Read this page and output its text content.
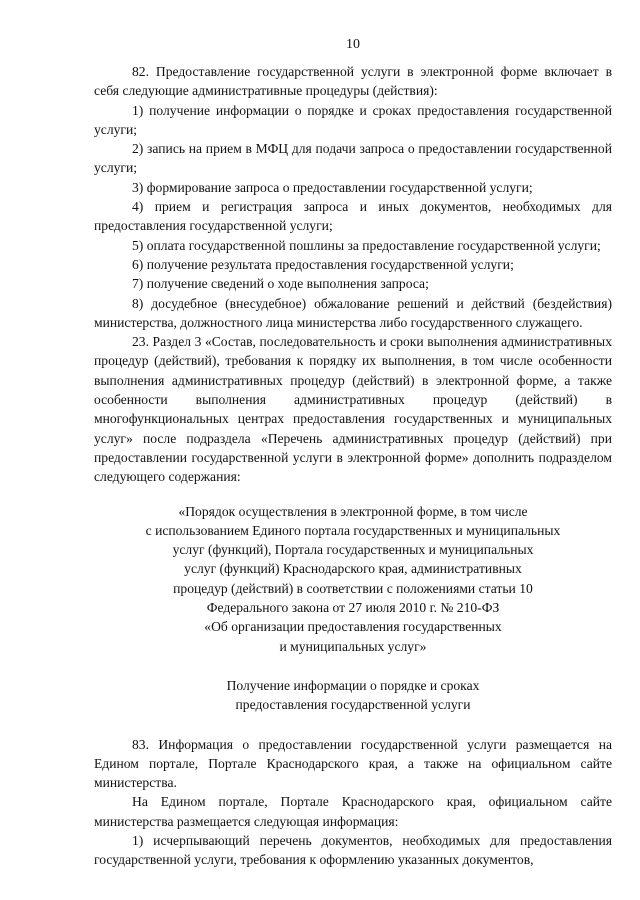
10

82. Предоставление государственной услуги в электронной форме включает в себя следующие административные процедуры (действия):

1) получение информации о порядке и сроках предоставления государственной услуги;

2) запись на прием в МФЦ для подачи запроса о предоставлении государственной услуги;

3) формирование запроса о предоставлении государственной услуги;

4) прием и регистрация запроса и иных документов, необходимых для предоставления государственной услуги;

5) оплата государственной пошлины за предоставление государственной услуги;

6) получение результата предоставления государственной услуги;

7) получение сведений о ходе выполнения запроса;

8) досудебное (внесудебное) обжалование решений и действий (бездействия) министерства, должностного лица министерства либо государственного служащего.

23. Раздел 3 «Состав, последовательность и сроки выполнения административных процедур (действий), требования к порядку их выполнения, в том числе особенности выполнения административных процедур (действий) в электронной форме, а также особенности выполнения административных процедур (действий) в многофункциональных центрах предоставления государственных и муниципальных услуг» после подраздела «Перечень административных процедур (действий) при предоставлении государственной услуги в электронной форме» дополнить подразделом следующего содержания:

«Порядок осуществления в электронной форме, в том числе
с использованием Единого портала государственных и муниципальных
услуг (функций), Портала государственных и муниципальных
услуг (функций) Краснодарского края, административных
процедур (действий) в соответствии с положениями статьи 10
Федерального закона от 27 июля 2010 г. № 210-ФЗ
«Об организации предоставления государственных
и муниципальных услуг»
Получение информации о порядке и сроках
предоставления государственной услуги

83. Информация о предоставлении государственной услуги размещается на Едином портале, Портале Краснодарского края, а также на официальном сайте министерства.

На Едином портале, Портале Краснодарского края, официальном сайте министерства размещается следующая информация:

1) исчерпывающий перечень документов, необходимых для предоставления государственной услуги, требования к оформлению указанных документов,
